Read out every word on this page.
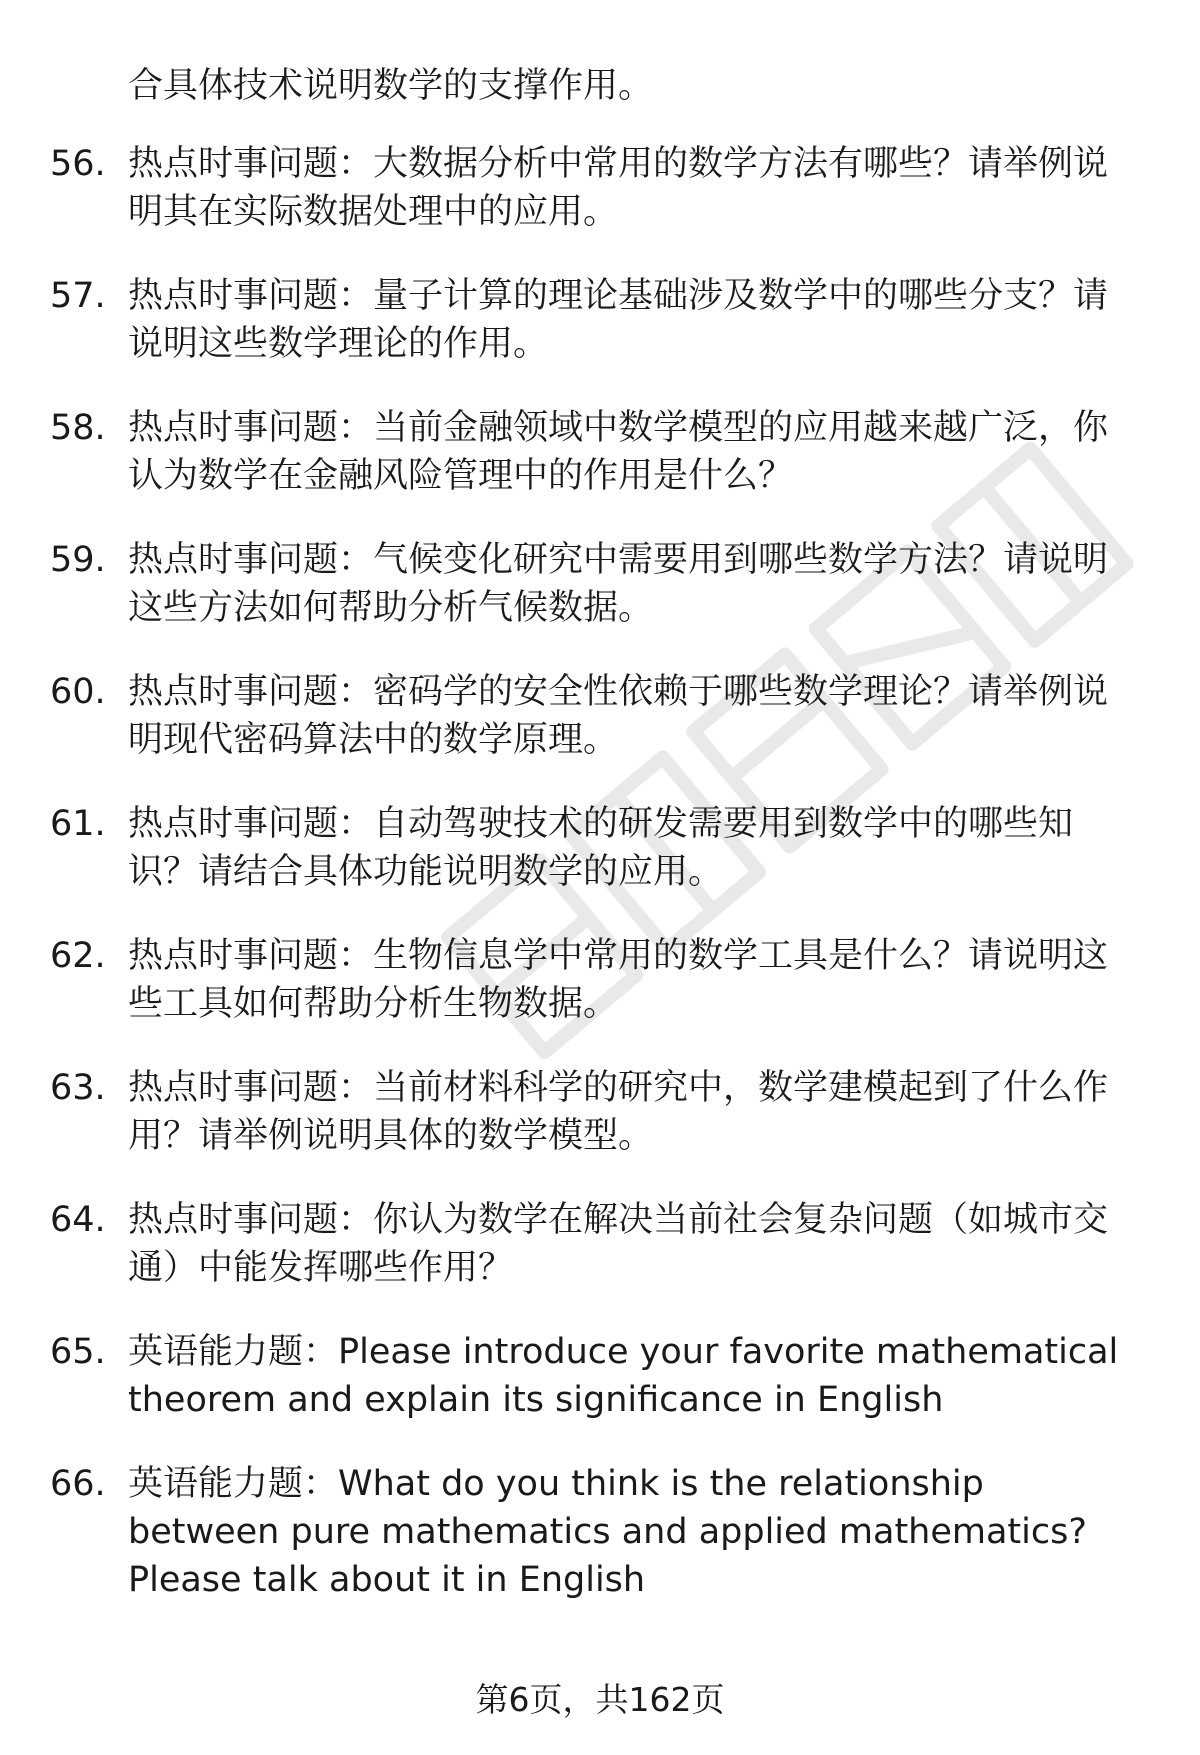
合具体技术说明数学的支撑作用。
56. 热点时事问题：大数据分析中常用的数学方法有哪些？请举例说明其在实际数据处理中的应用。
57. 热点时事问题：量子计算的理论基础涉及数学中的哪些分支？请说明这些数学理论的作用。
58. 热点时事问题：当前金融领域中数学模型的应用越来越广泛，你认为数学在金融风险管理中的作用是什么？
59. 热点时事问题：气候变化研究中需要用到哪些数学方法？请说明这些方法如何帮助分析气候数据。
60. 热点时事问题：密码学的安全性依赖于哪些数学理论？请举例说明现代密码算法中的数学原理。
61. 热点时事问题：自动驾驶技术的研发需要用到数学中的哪些知识？请结合具体功能说明数学的应用。
62. 热点时事问题：生物信息学中常用的数学工具是什么？请说明这些工具如何帮助分析生物数据。
63. 热点时事问题：当前材料科学的研究中，数学建模起到了什么作用？请举例说明具体的数学模型。
64. 热点时事问题：你认为数学在解决当前社会复杂问题（如城市交通）中能发挥哪些作用？
65. 英语能力题：Please introduce your favorite mathematical theorem and explain its significance in English
66. 英语能力题：What do you think is the relationship between pure mathematics and applied mathematics? Please talk about it in English
第6页，共162页
